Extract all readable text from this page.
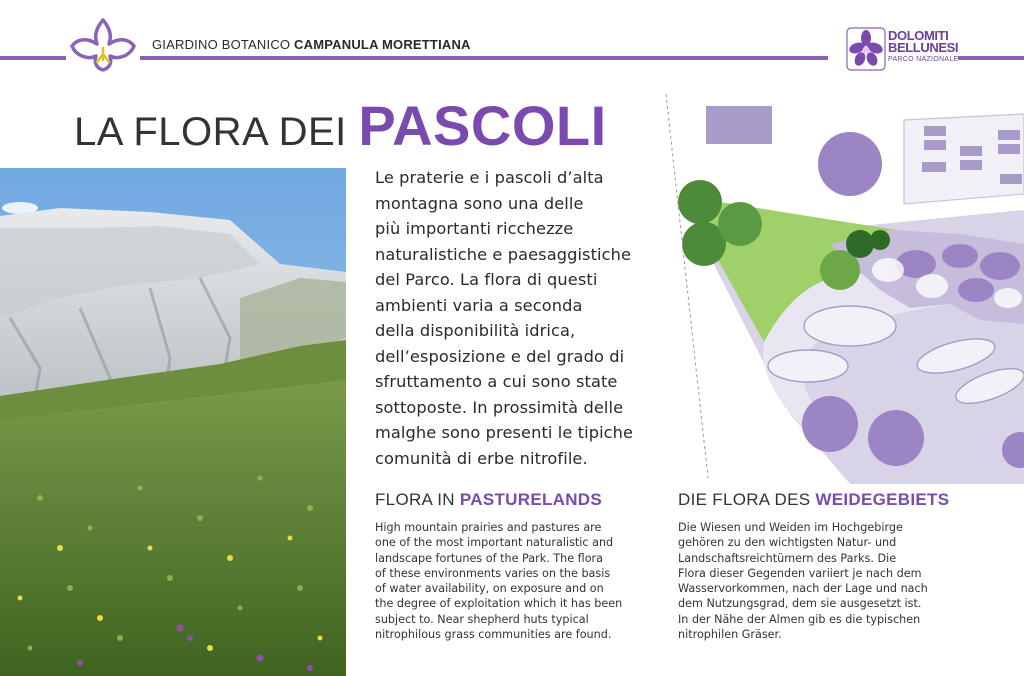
GIARDINO BOTANICO CAMPANULA MORETTIANA
DOLOMITI
BELLUNESI
PARCO NAZIONALE
LA FLORA DEI PASCOLI
Le praterie e i pascoli d’alta
montagna sono una delle
più importanti ricchezze
naturalistiche e paesaggistiche
del Parco. La flora di questi
ambienti varia a seconda
della disponibilità idrica,
dell’esposizione e del grado di
sfruttamento a cui sono state
sottoposte. In prossimità delle
malghe sono presenti le tipiche
comunità di erbe nitrofile.
FLORA IN PASTURELANDS
High mountain prairies and pastures are
one of the most important naturalistic and
landscape fortunes of the Park. The flora
of these environments varies on the basis
of water availability, on exposure and on
the degree of exploitation which it has been
subject to. Near shepherd huts typical
nitrophilous grass communities are found.
DIE FLORA DES WEIDEGEBIETS
Die Wiesen und Weiden im Hochgebirge
gehören zu den wichtigsten Natur- und
Landschaftsreichtümern des Parks. Die
Flora dieser Gegenden variiert je nach dem
Wasservorkommen, nach der Lage und nach
dem Nutzungsgrad, dem sie ausgesetzt ist.
In der Nähe der Almen gib es die typischen
nitrophilen Gräser.
